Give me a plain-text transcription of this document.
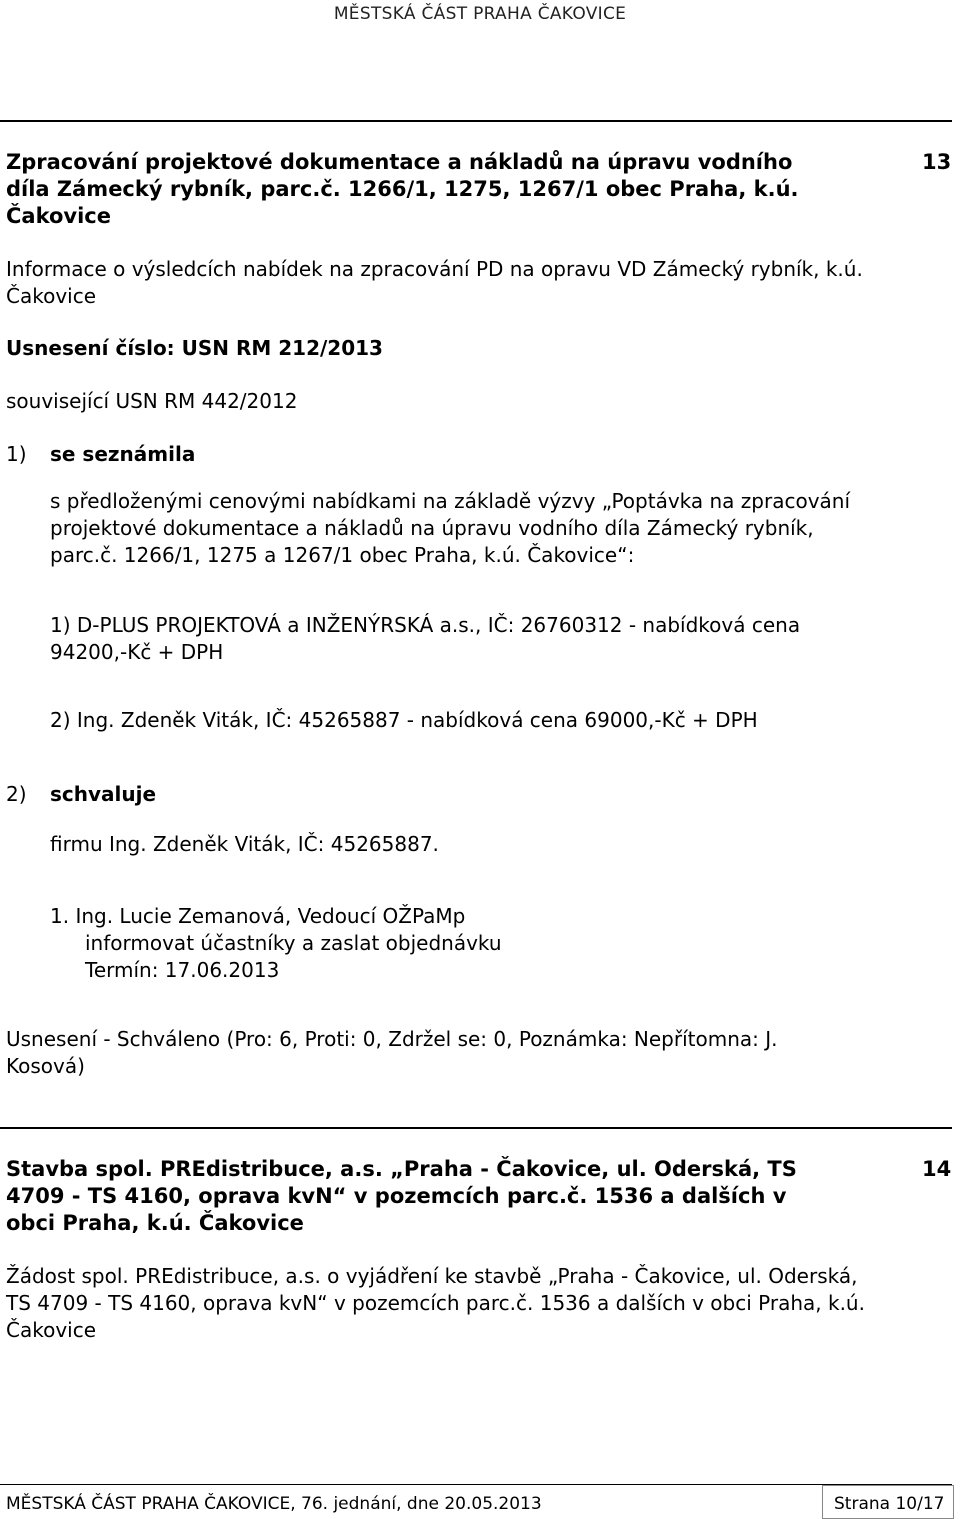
MĚSTSKÁ ČÁST PRAHA ČAKOVICE
Zpracování projektové dokumentace a nákladů na úpravu vodního
díla Zámecký rybník, parc.č. 1266/1, 1275, 1267/1 obec Praha, k.ú.
Čakovice
13
Informace o výsledcích nabídek na zpracování PD na opravu VD Zámecký rybník, k.ú.
Čakovice
Usnesení číslo: USN RM 212/2013
související USN RM 442/2012
1) se seznámila
s předloženými cenovými nabídkami na základě výzvy „Poptávka na zpracování
projektové dokumentace a nákladů na úpravu vodního díla Zámecký rybník,
parc.č. 1266/1, 1275 a 1267/1 obec Praha, k.ú. Čakovice“:
1) D-PLUS PROJEKTOVÁ a INŽENÝRSKÁ a.s., IČ: 26760312 - nabídková cena
94200,-Kč + DPH
2) Ing. Zdeněk Viták, IČ: 45265887 - nabídková cena 69000,-Kč + DPH
2) schvaluje
firmu Ing. Zdeněk Viták, IČ: 45265887.
1. Ing. Lucie Zemanová, Vedoucí OŽPaMp
informovat účastníky a zaslat objednávku
Termín: 17.06.2013
Usnesení - Schváleno (Pro: 6, Proti: 0, Zdržel se: 0, Poznámka: Nepřítomna: J.
Kosová)
Stavba spol. PREdistribuce, a.s. „Praha - Čakovice, ul. Oderská, TS
4709 - TS 4160, oprava kvN“ v pozemcích parc.č. 1536 a dalších v
obci Praha, k.ú. Čakovice
14
Žádost spol. PREdistribuce, a.s. o vyjádření ke stavbě „Praha - Čakovice, ul. Oderská,
TS 4709 - TS 4160, oprava kvN“ v pozemcích parc.č. 1536 a dalších v obci Praha, k.ú.
Čakovice
MĚSTSKÁ ČÁST PRAHA ČAKOVICE, 76. jednání, dne 20.05.2013	Strana 10/17
